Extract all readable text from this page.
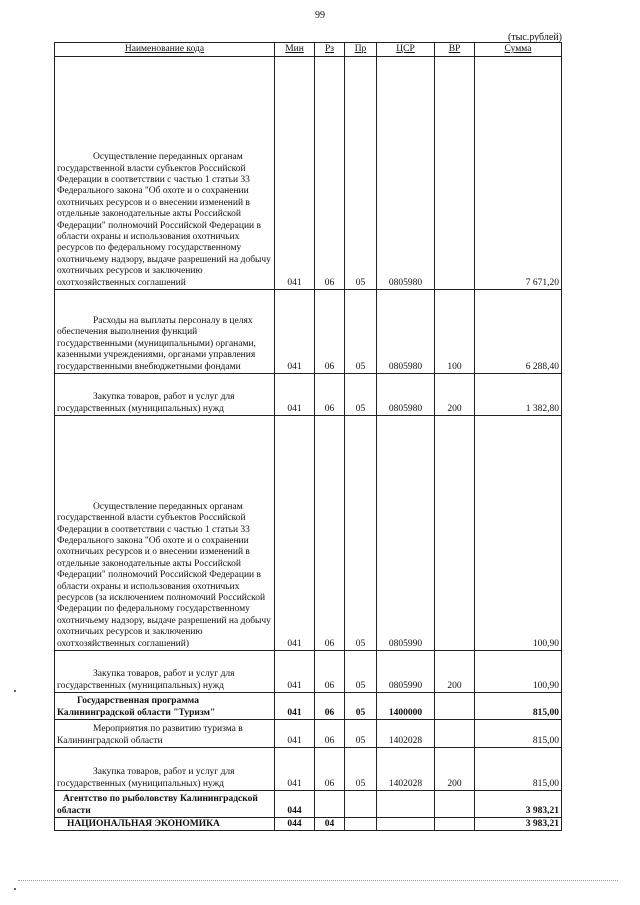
99
(тыс.рублей)
Наименование кода	Мин	Рз	Пр	ЦСР	ВР	Сумма

Осуществление переданных органам государственной власти субъектов Российской Федерации в соответствии с частью 1 статьи 33 Федерального закона "Об охоте и о сохранении охотничьих ресурсов и о внесении изменений в отдельные законодательные акты Российской Федерации" полномочий Российской Федерации в области охраны и использования охотничьих ресурсов по федеральному государственному охотничьему надзору, выдаче разрешений на добычу охотничьих ресурсов и заключению охотхозяйственных соглашений	041	06	05	0805980		7 671,20

Расходы на выплаты персоналу в целях обеспечения выполнения функций государственными (муниципальными) органами, казенными учреждениями, органами управления государственными внебюджетными фондами	041	06	05	0805980	100	6 288,40

Закупка товаров, работ и услуг для государственных (муниципальных) нужд	041	06	05	0805980	200	1 382,80

Осуществление переданных органам государственной власти субъектов Российской Федерации в соответствии с частью 1 статьи 33 Федерального закона "Об охоте и о сохранении охотничьих ресурсов и о внесении изменений в отдельные законодательные акты Российской Федерации" полномочий Российской Федерации в области охраны и использования охотничьих ресурсов (за исключением полномочий Российской Федерации по федеральному государственному охотничьему надзору, выдаче разрешений на добычу охотничьих ресурсов и заключению охотхозяйственных соглашений)	041	06	05	0805990		100,90

Закупка товаров, работ и услуг для государственных (муниципальных) нужд	041	06	05	0805990	200	100,90

Государственная программа Калининградской области "Туризм"	041	06	05	1400000		815,00

Мероприятия по развитию туризма в Калининградской области	041	06	05	1402028		815,00

Закупка товаров, работ и услуг для государственных (муниципальных) нужд	041	06	05	1402028	200	815,00

Агентство по рыболовству Калининградской области	044					3 983,21

НАЦИОНАЛЬНАЯ ЭКОНОМИКА	044	04				3 983,21
